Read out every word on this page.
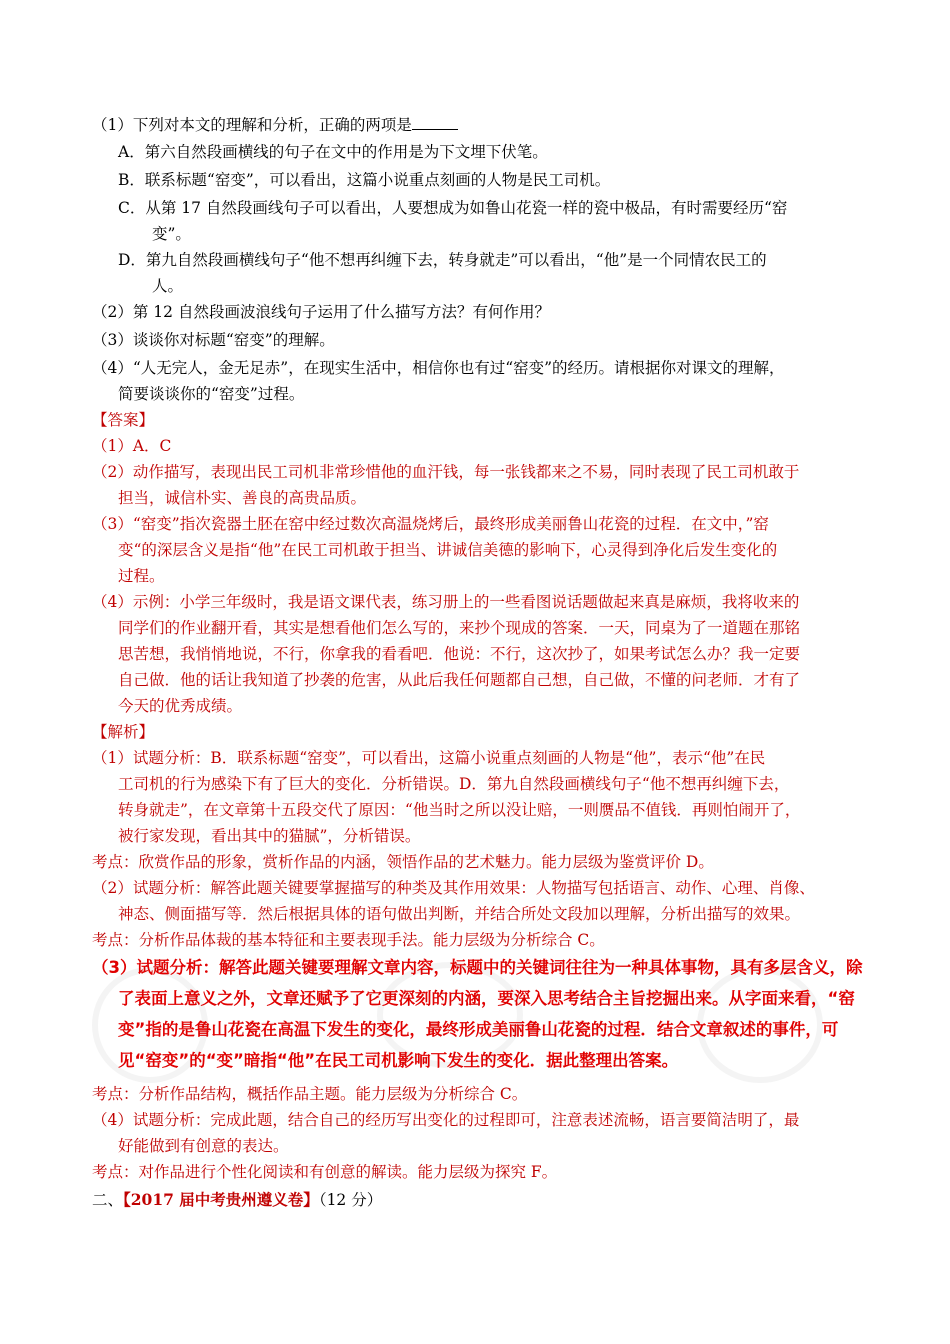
（1）下列对本文的理解和分析，正确的两项是
A．第六自然段画横线的句子在文中的作用是为下文埋下伏笔。
B．联系标题“窑变”，可以看出，这篇小说重点刻画的人物是民工司机。
C．从第 17 自然段画线句子可以看出，人要想成为如鲁山花瓷一样的瓷中极品，有时需要经历“窑
变”。
D．第九自然段画横线句子“他不想再纠缠下去，转身就走”可以看出，“他”是一个同情农民工的
人。
（2）第 12 自然段画波浪线句子运用了什么描写方法？有何作用？
（3）谈谈你对标题“窑变”的理解。
（4）“人无完人，金无足赤”，在现实生活中，相信你也有过“窑变”的经历。请根据你对课文的理解，
简要谈谈你的“窑变”过程。
【答案】
（1）A．C
（2）动作描写，表现出民工司机非常珍惜他的血汗钱，每一张钱都来之不易，同时表现了民工司机敢于
担当，诚信朴实、善良的高贵品质。
（3）“窑变”指次瓷器土胚在窑中经过数次高温烧烤后，最终形成美丽鲁山花瓷的过程．在文中，”窑
变“的深层含义是指“他”在民工司机敢于担当、讲诚信美德的影响下，心灵得到净化后发生变化的
过程。
（4）示例：小学三年级时，我是语文课代表，练习册上的一些看图说话题做起来真是麻烦，我将收来的
同学们的作业翻开看，其实是想看他们怎么写的，来抄个现成的答案．一天，同桌为了一道题在那铭
思苦想，我悄悄地说，不行，你拿我的看看吧．他说：不行，这次抄了，如果考试怎么办？我一定要
自己做．他的话让我知道了抄袭的危害，从此后我任何题都自己想，自己做，不懂的问老师．才有了
今天的优秀成绩。
【解析】
（1）试题分析：B．联系标题“窑变”，可以看出，这篇小说重点刻画的人物是“他”，表示“他”在民
工司机的行为感染下有了巨大的变化．分析错误。D．第九自然段画横线句子“他不想再纠缠下去，
转身就走”，在文章第十五段交代了原因：“他当时之所以没让赔，一则赝品不值钱．再则怕闹开了，
被行家发现，看出其中的猫腻”，分析错误。
考点：欣赏作品的形象，赏析作品的内涵，领悟作品的艺术魅力。能力层级为鉴赏评价 D。
（2）试题分析：解答此题关键要掌握描写的种类及其作用效果：人物描写包括语言、动作、心理、肖像、
神态、侧面描写等．然后根据具体的语句做出判断，并结合所处文段加以理解，分析出描写的效果。
考点：分析作品体裁的基本特征和主要表现手法。能力层级为分析综合 C。
（3）试题分析：解答此题关键要理解文章内容，标题中的关键词往往为一种具体事物，具有多层含义，除
了表面上意义之外，文章还赋予了它更深刻的内涵，要深入思考结合主旨挖掘出来。从字面来看，“窑
变”指的是鲁山花瓷在高温下发生的变化，最终形成美丽鲁山花瓷的过程．结合文章叙述的事件，可
见“窑变”的“变”暗指“他”在民工司机影响下发生的变化．据此整理出答案。
考点：分析作品结构，概括作品主题。能力层级为分析综合 C。
（4）试题分析：完成此题，结合自己的经历写出变化的过程即可，注意表述流畅，语言要简洁明了，最
好能做到有创意的表达。
考点：对作品进行个性化阅读和有创意的解读。能力层级为探究 F。
二、【2017 届中考贵州遵义卷】（12 分）
